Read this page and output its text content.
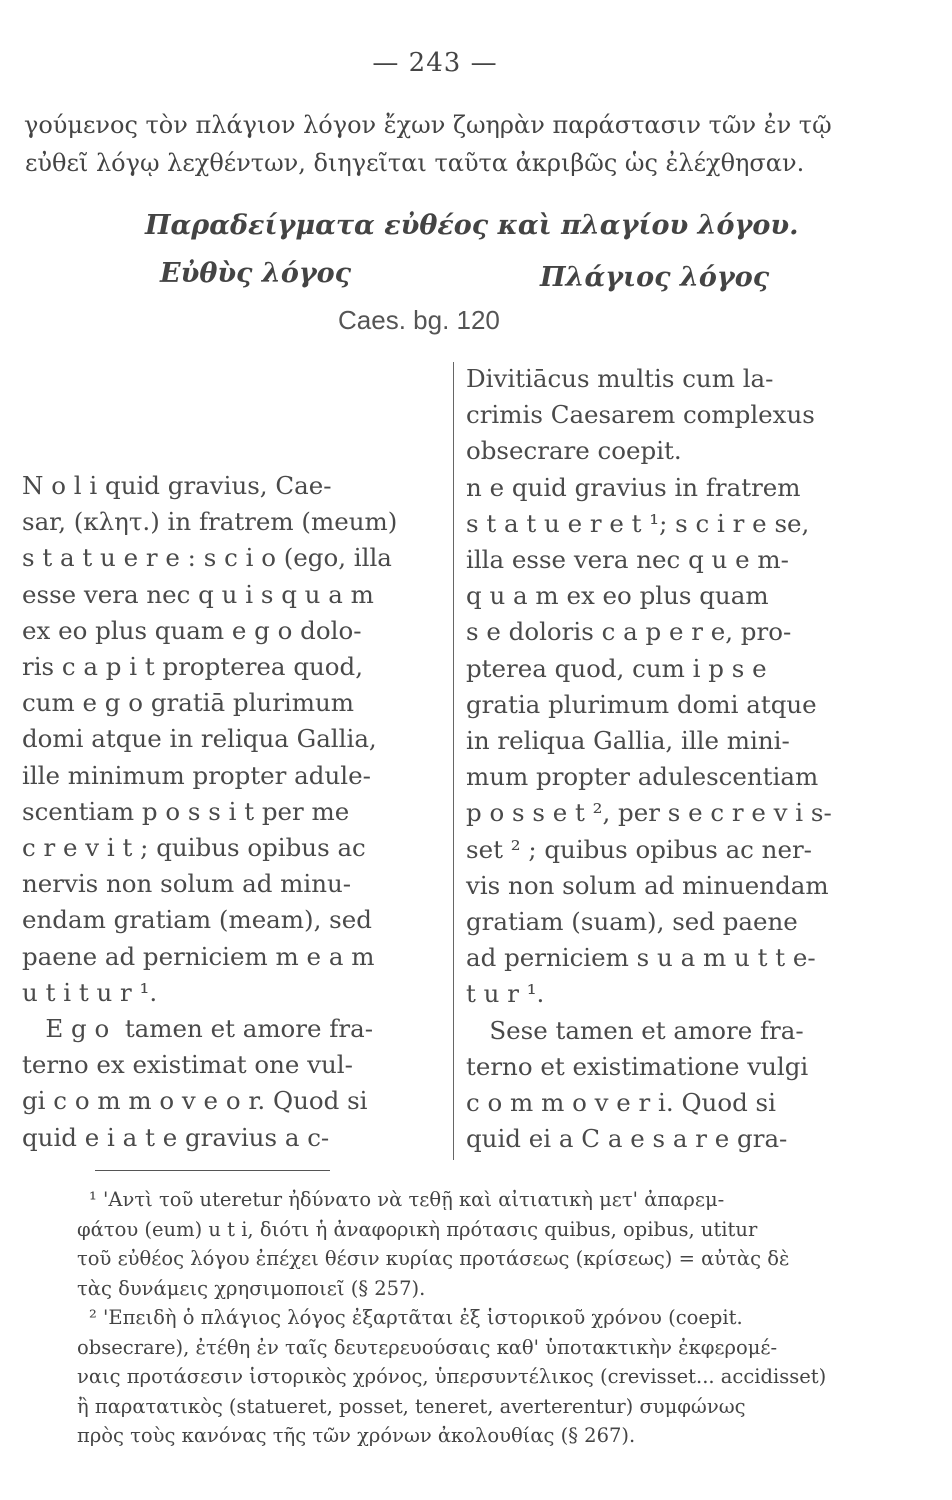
— 243 —
γούμενος τὸν πλάγιον λόγον ἔχων ζωηρὰν παράστασιν τῶν ἐν τῷ
εὐθεῖ λόγῳ λεχθέντων, διηγεῖται ταῦτα ἀκριβῶς ὡς ἐλέχθησαν.
Παραδείγματα εὐθέος καὶ πλαγίου λόγου.
Εὐθὺς λόγος	Πλάγιος λόγος
Caes. bg. 120
N o l i quid gravius, Cae-
sar, (κλητ.) in fratrem (meum)
s t a t u e r e : s c i o (ego, illa
esse vera nec q u i s q u a m
ex eo plus quam e g o dolo-
ris c a p i t propterea quod,
cum e g o gratiā plurimum
domi atque in reliqua Gallia,
ille minimum propter adule-
scentiam p o s s i t per me
c r e v i t ; quibus opibus ac
nervis non solum ad minu-
endam gratiam (meam), sed
paene ad perniciem m e a m
u t i t u r ¹.
E g o  tamen et amore fra-
terno ex existimat one vul-
gi c o m m o v e o r. Quod si
quid e i a t e gravius a c-
Divitiācus multis cum la-
crimis Caesarem complexus
obsecrare coepit.
n e quid gravius in fratrem
s t a t u e r e t ¹; s c i r e se,
illa esse vera nec q u e m-
q u a m ex eo plus quam
s e doloris c a p e r e, pro-
pterea quod, cum i p s e
gratia plurimum domi atque
in reliqua Gallia, ille mini-
mum propter adulescentiam
p o s s e t ², per s e c r e v i s-
set ² ; quibus opibus ac ner-
vis non solum ad minuendam
gratiam (suam), sed paene
ad perniciem s u a m u t t e-
t u r ¹.
Sese tamen et amore fra-
terno et existimatione vulgi
c o m m o v e r i. Quod si
quid ei a C a e s a r e gra-
¹ 'Αντὶ τοῦ uteretur ἠδύνατο νὰ τεθῇ καὶ αἰτιατικὴ μετ' ἀπαρεμ-
φάτου (eum) u t i, διότι ἡ ἀναφορικὴ πρότασις quibus, opibus, utitur
τοῦ εὐθέος λόγου ἐπέχει θέσιν κυρίας προτάσεως (κρίσεως) = αὐτὰς δὲ
τὰς δυνάμεις χρησιμοποιεῖ (§ 257).
² 'Επειδὴ ὁ πλάγιος λόγος ἐξαρτᾶται ἐξ ἱστορικοῦ χρόνου (coepit.
obsecrare), ἐτέθη ἐν ταῖς δευτερευούσαις καθ' ὑποτακτικὴν ἐκφερομέ-
ναις προτάσεσιν ἱστορικὸς χρόνος, ὑπερσυντέλικος (crevisset... accidisset)
ἢ παρατατικὸς (statueret, posset, teneret, averterentur) συμφώνως
πρὸς τοὺς κανόνας τῆς τῶν χρόνων ἀκολουθίας (§ 267).
